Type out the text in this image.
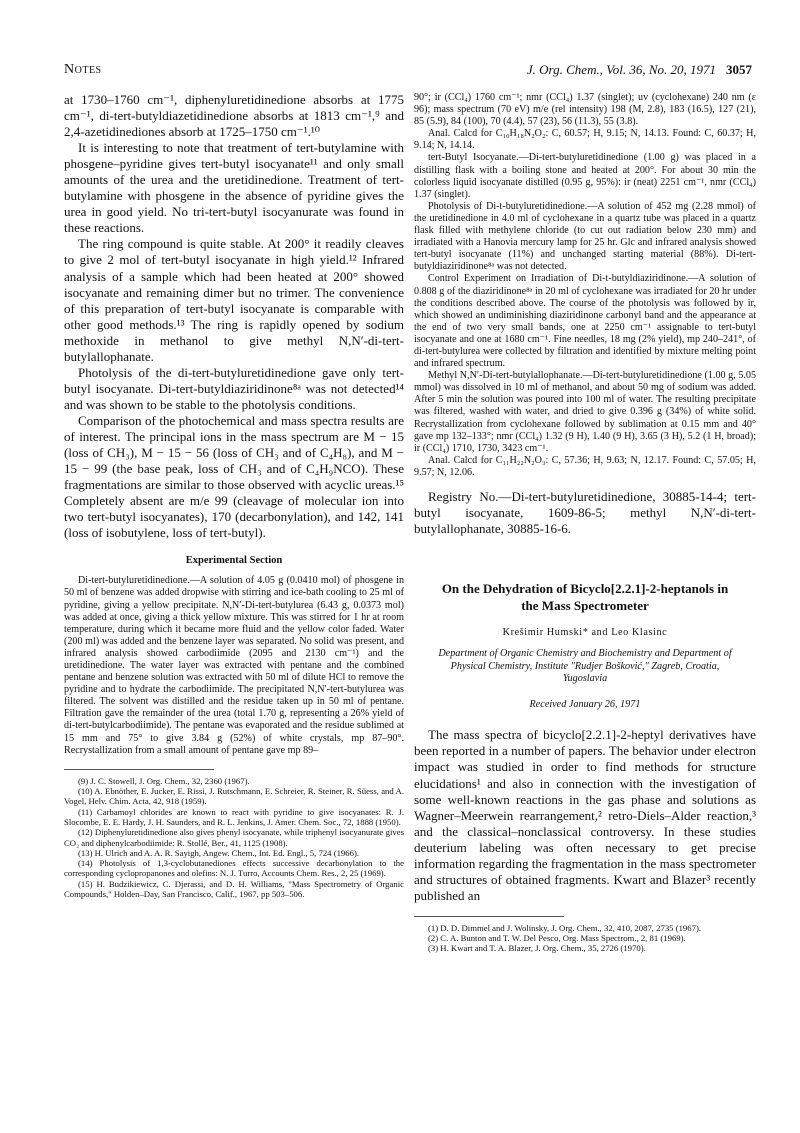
Notes	J. Org. Chem., Vol. 36, No. 20, 1971 3057

at 1730–1760 cm⁻¹, diphenyluretidinedione absorbs at 1775 cm⁻¹, di-tert-butyldiazetidinedione absorbs at 1813 cm⁻¹,⁹ and 2,4-azetidinediones absorb at 1725–1750 cm⁻¹.¹⁰

It is interesting to note that treatment of tert-butylamine with phosgene–pyridine gives tert-butyl isocyanate¹¹ and only small amounts of the urea and the uretidinedione. Treatment of tert-butylamine with phosgene in the absence of pyridine gives the urea in good yield. No tri-tert-butyl isocyanurate was found in these reactions.

The ring compound is quite stable. At 200° it readily cleaves to give 2 mol of tert-butyl isocyanate in high yield.¹² Infrared analysis of a sample which had been heated at 200° showed isocyanate and remaining dimer but no trimer. The convenience of this preparation of tert-butyl isocyanate is comparable with other good methods.¹³ The ring is rapidly opened by sodium methoxide in methanol to give methyl N,N′-di-tert-butylallophanate.

Photolysis of the di-tert-butyluretidinedione gave only tert-butyl isocyanate. Di-tert-butyldiaziridinone⁸ᵃ was not detected¹⁴ and was shown to be stable to the photolysis conditions.

Comparison of the photochemical and mass spectra results are of interest. The principal ions in the mass spectrum are M − 15 (loss of CH₃), M − 15 − 56 (loss of CH₃ and of C₄H₈), and M − 15 − 99 (the base peak, loss of CH₃ and of C₄H₉NCO). These fragmentations are similar to those observed with acyclic ureas.¹⁵ Completely absent are m/e 99 (cleavage of molecular ion into two tert-butyl isocyanates), 170 (decarbonylation), and 142, 141 (loss of isobutylene, loss of tert-butyl).

Experimental Section

Di-tert-butyluretidinedione.—A solution of 4.05 g (0.0410 mol) of phosgene in 50 ml of benzene was added dropwise with stirring and ice-bath cooling to 25 ml of pyridine, giving a yellow precipitate. N,N′-Di-tert-butylurea (6.43 g, 0.0373 mol) was added at once, giving a thick yellow mixture. This was stirred for 1 hr at room temperature, during which it became more fluid and the yellow color faded. Water (200 ml) was added and the benzene layer was separated. No solid was present, and infrared analysis showed carbodiimide (2095 and 2130 cm⁻¹) and the uretidinedione. The water layer was extracted with pentane and the combined pentane and benzene solution was extracted with 50 ml of dilute HCl to remove the pyridine and to hydrate the carbodiimide. The precipitated N,N′-tert-butylurea was filtered. The solvent was distilled and the residue taken up in 50 ml of pentane. Filtration gave the remainder of the urea (total 1.70 g, representing a 26% yield of di-tert-butylcarbodiimide). The pentane was evaporated and the residue sublimed at 15 mm and 75° to give 3.84 g (52%) of white crystals, mp 87–90°. Recrystallization from a small amount of pentane gave mp 89–

(9) J. C. Stowell, J. Org. Chem., 32, 2360 (1967).

(10) A. Ebnöther, E. Jucker, E. Rissi, J. Rutschmann, E. Schreier, R. Steiner, R. Süess, and A. Vogel, Helv. Chim. Acta, 42, 918 (1959).

(11) Carbamoyl chlorides are known to react with pyridine to give isocyanates: R. J. Slocombe, E. E. Hardy, J. H. Saunders, and R. L. Jenkins, J. Amer. Chem. Soc., 72, 1888 (1950).

(12) Diphenyluretidinedione also gives phenyl isocyanate, while triphenyl isocyanurate gives CO₂ and diphenylcarbodiimide: R. Stollé, Ber., 41, 1125 (1908).

(13) H. Ulrich and A. A. R. Sayigh, Angew. Chem., Int. Ed. Engl., 5, 724 (1966).

(14) Photolysis of 1,3-cyclobutanediones effects successive decarbonylation to the corresponding cyclopropanones and olefins: N. J. Turro, Accounts Chem. Res., 2, 25 (1969).

(15) H. Budzikiewicz, C. Djerassi, and D. H. Williams, "Mass Spectrometry of Organic Compounds," Holden–Day, San Francisco, Calif., 1967, pp 503–506.

90°; ir (CCl₄) 1760 cm⁻¹; nmr (CCl₄) 1.37 (singlet); uv (cyclohexane) 240 nm (ε 96); mass spectrum (70 eV) m/e (rel intensity) 198 (M, 2.8), 183 (16.5), 127 (21), 85 (5.9), 84 (100), 70 (4.4), 57 (23), 56 (11.3), 55 (3.8).

Anal. Calcd for C₁₀H₁₈N₂O₂: C, 60.57; H, 9.15; N, 14.13. Found: C, 60.37; H, 9.14; N, 14.14.

tert-Butyl Isocyanate.—Di-tert-butyluretidinedione (1.00 g) was placed in a distilling flask with a boiling stone and heated at 200°. For about 30 min the colorless liquid isocyanate distilled (0.95 g, 95%): ir (neat) 2251 cm⁻¹, nmr (CCl₄) 1.37 (singlet).

Photolysis of Di-t-butyluretidinedione.—A solution of 452 mg (2.28 mmol) of the uretidinedione in 4.0 ml of cyclohexane in a quartz tube was placed in a quartz flask filled with methylene chloride (to cut out radiation below 230 mm) and irradiated with a Hanovia mercury lamp for 25 hr. Glc and infrared analysis showed tert-butyl isocyanate (11%) and unchanged starting material (88%). Di-tert-butyldiaziridinone⁸ᵃ was not detected.

Control Experiment on Irradiation of Di-t-butyldiaziridinone.—A solution of 0.808 g of the diaziridinone⁸ᵃ in 20 ml of cyclohexane was irradiated for 20 hr under the conditions described above. The course of the photolysis was followed by ir, which showed an undiminishing diaziridinone carbonyl band and the appearance at the end of two very small bands, one at 2250 cm⁻¹ assignable to tert-butyl isocyanate and one at 1680 cm⁻¹. Fine needles, 18 mg (2% yield), mp 240–241°, of di-tert-butylurea were collected by filtration and identified by mixture melting point and infrared spectrum.

Methyl N,N′-Di-tert-butylallophanate.—Di-tert-butyluretidinedione (1.00 g, 5.05 mmol) was dissolved in 10 ml of methanol, and about 50 mg of sodium was added. After 5 min the solution was poured into 100 ml of water. The resulting precipitate was filtered, washed with water, and dried to give 0.396 g (34%) of white solid. Recrystallization from cyclohexane followed by sublimation at 0.15 mm and 40° gave mp 132–133°; nmr (CCl₄) 1.32 (9 H), 1.40 (9 H), 3.65 (3 H), 5.2 (1 H, broad); ir (CCl₄) 1710, 1730, 3423 cm⁻¹.

Anal. Calcd for C₁₁H₂₂N₂O₃: C, 57.36; H, 9.63; N, 12.17. Found: C, 57.05; H, 9.57; N, 12.06.

Registry No.—Di-tert-butyluretidinedione, 30885-14-4; tert-butyl isocyanate, 1609-86-5; methyl N,N′-di-tert-butylallophanate, 30885-16-6.

On the Dehydration of Bicyclo[2.2.1]-2-heptanols in the Mass Spectrometer
Krešimir Humski* and Leo Klasinc
Department of Organic Chemistry and Biochemistry and Department of Physical Chemistry, Institute "Rudjer Bošković," Zagreb, Croatia, Yugoslavia
Received January 26, 1971

The mass spectra of bicyclo[2.2.1]-2-heptyl derivatives have been reported in a number of papers. The behavior under electron impact was studied in order to find methods for structure elucidations¹ and also in connection with the investigation of some well-known reactions in the gas phase and solutions as Wagner–Meerwein rearrangement,² retro-Diels–Alder reaction,³ and the classical–nonclassical controversy. In these studies deuterium labeling was often necessary to get precise information regarding the fragmentation in the mass spectrometer and structures of obtained fragments. Kwart and Blazer³ recently published an

(1) D. D. Dimmel and J. Wolinsky, J. Org. Chem., 32, 410, 2087, 2735 (1967).

(2) C. A. Bunton and T. W. Del Pesco, Org. Mass Spectrom., 2, 81 (1969).

(3) H. Kwart and T. A. Blazer, J. Org. Chem., 35, 2726 (1970).
